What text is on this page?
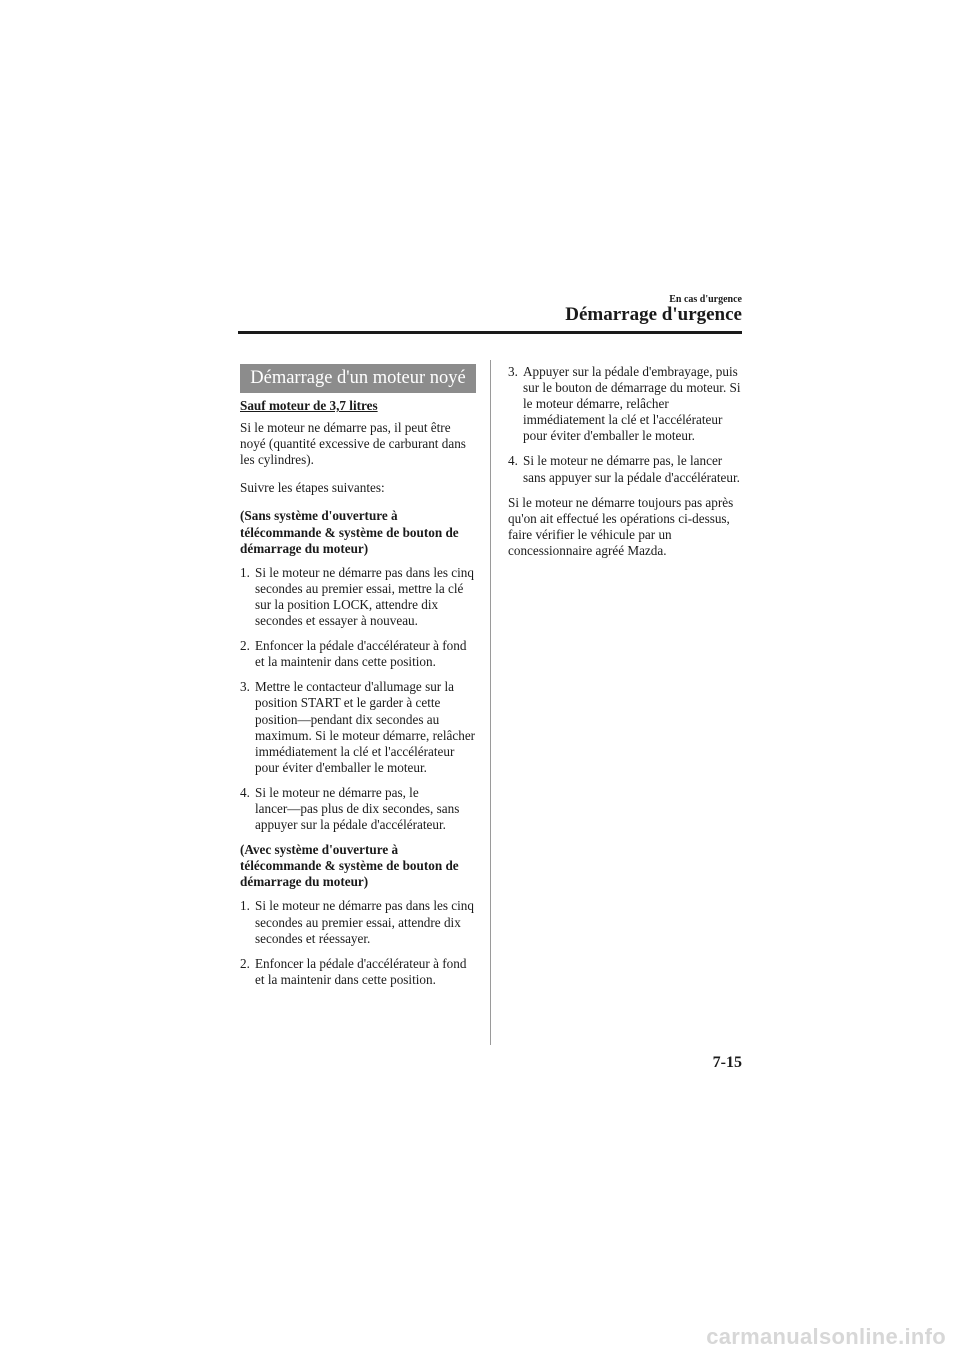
En cas d'urgence
Démarrage d'urgence
Démarrage d'un moteur noyé
Sauf moteur de 3,7 litres

Si le moteur ne démarre pas, il peut être noyé (quantité excessive de carburant dans les cylindres).

Suivre les étapes suivantes:

(Sans système d'ouverture à télécommande & système de bouton de démarrage du moteur)
1. Si le moteur ne démarre pas dans les cinq secondes au premier essai, mettre la clé sur la position LOCK, attendre dix secondes et essayer à nouveau.
2. Enfoncer la pédale d'accélérateur à fond et la maintenir dans cette position.
3. Mettre le contacteur d'allumage sur la position START et le garder à cette position―pendant dix secondes au maximum. Si le moteur démarre, relâcher immédiatement la clé et l'accélérateur pour éviter d'emballer le moteur.
4. Si le moteur ne démarre pas, le lancer―pas plus de dix secondes, sans appuyer sur la pédale d'accélérateur.
(Avec système d'ouverture à télécommande & système de bouton de démarrage du moteur)
1. Si le moteur ne démarre pas dans les cinq secondes au premier essai, attendre dix secondes et réessayer.
2. Enfoncer la pédale d'accélérateur à fond et la maintenir dans cette position.
3. Appuyer sur la pédale d'embrayage, puis sur le bouton de démarrage du moteur. Si le moteur démarre, relâcher immédiatement la clé et l'accélérateur pour éviter d'emballer le moteur.
4. Si le moteur ne démarre pas, le lancer sans appuyer sur la pédale d'accélérateur.

Si le moteur ne démarre toujours pas après qu'on ait effectué les opérations ci-dessus, faire vérifier le véhicule par un concessionnaire agréé Mazda.

7-15
carmanualsonline.info
